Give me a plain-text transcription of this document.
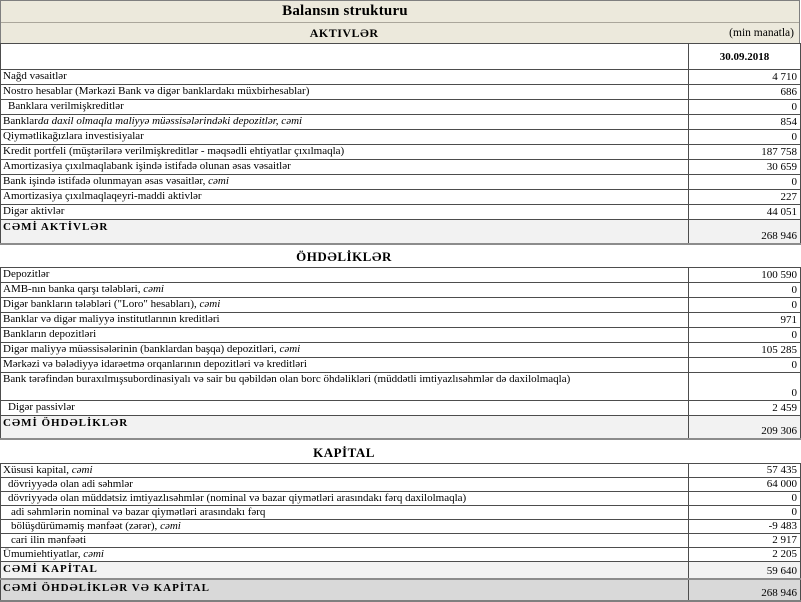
Balansın strukturu
AKTIVLƏR	(min manatla)
	30.09.2018
Nağd vəsaitlər	4 710
Nostro hesablar (Mərkəzi Bank və digər banklardakı müxbirhesablar)	686
Banklara verilmişkreditlər	0
Banklarda daxil olmaqla maliyyə müəssisələrindəki depozitlər, cəmi	854
Qiymətlikağızlara investisiyalar	0
Kredit portfeli (müştərilərə verilmişkreditlər - məqsədli ehtiyatlar çıxılmaqla)	187 758
Amortizasiya çıxılmaqlabank işində istifadə olunan əsas vəsaitlər	30 659
Bank işində istifadə olunmayan əsas vəsaitlər, cəmi	0
Amortizasiya çıxılmaqlaqeyri-maddi aktivlər	227
Digər aktivlər	44 051
CƏMİ AKTİVLƏR	268 946
ÖHDƏLİKLƏR
Depozitlər	100 590
AMB-nın banka qarşı tələbləri, cəmi	0
Digər bankların tələbləri ("Loro" hesabları), cəmi	0
Banklar və digər maliyyə institutlarının kreditləri	971
Bankların depozitləri	0
Digər maliyyə müəssisələrinin (banklardan başqa) depozitləri, cəmi	105 285
Mərkəzi və bələdiyyə idarəetmə orqanlarının depozitləri və kreditləri	0
Bank tərəfindən buraxılmışsubordinasiyalı və sair bu qəbildən olan borc öhdəlikləri (müddətli imtiyazlısəhmlər də daxilolmaqla)	0
Digər passivlər	2 459
CƏMİ ÖHDƏLİKLƏR	209 306
KAPİTAL
Xüsusi kapital, cəmi	57 435
dövriyyədə olan adi səhmlər	64 000
dövriyyədə olan müddətsiz imtiyazlısəhmlər (nominal və bazar qiymətləri arasındakı fərq daxilolmaqla)	0
adi səhmlərin nominal və bazar qiymətləri arasındakı fərq	0
bölüşdürüməmiş mənfəət (zərər), cəmi	-9 483
cari ilin mənfəəti	2 917
Ümumiehtiyatlar, cəmi	2 205
CƏMİ KAPİTAL	59 640
CƏMİ ÖHDƏLİKLƏR VƏ KAPİTAL	268 946
